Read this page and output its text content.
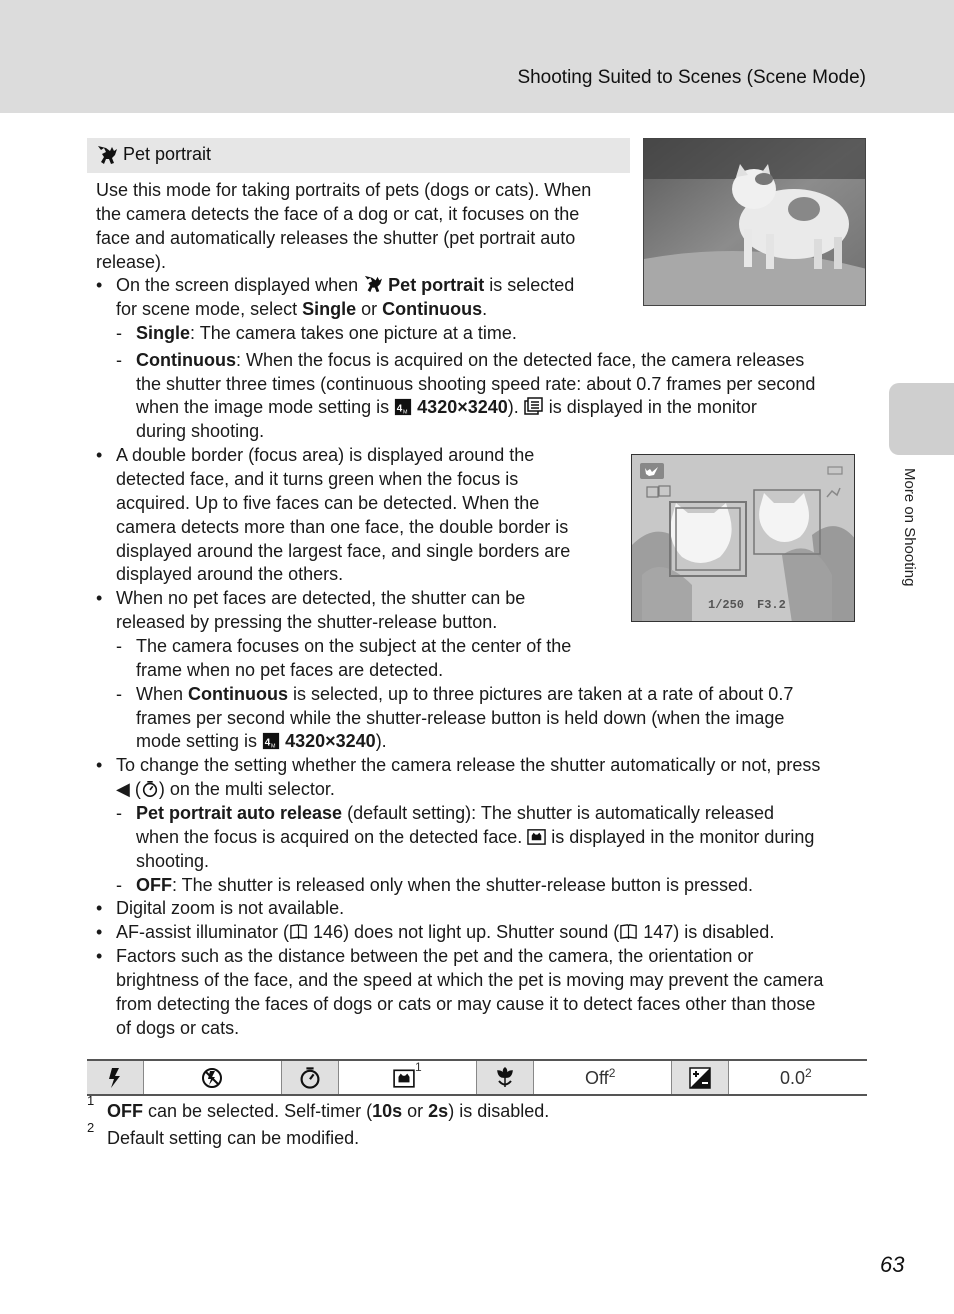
Shooting Suited to Scenes (Scene Mode)
More on Shooting
Pet portrait
Use this mode for taking portraits of pets (dogs or cats). When
the camera detects the face of a dog or cat, it focuses on the
face and automatically releases the shutter (pet portrait auto
release).
• On the screen displayed when  Pet portrait is selected
for scene mode, select Single or Continuous.
- Single: The camera takes one picture at a time.
- Continuous: When the focus is acquired on the detected face, the camera releases
the shutter three times (continuous shooting speed rate: about 0.7 frames per second
when the image mode setting is  4320×3240).  is displayed in the monitor
during shooting.
• A double border (focus area) is displayed around the
detected face, and it turns green when the focus is
acquired. Up to five faces can be detected. When the
camera detects more than one face, the double border is
displayed around the largest face, and single borders are
displayed around the others.
1/250 F3.2
• When no pet faces are detected, the shutter can be
released by pressing the shutter-release button.
- The camera focuses on the subject at the center of the
frame when no pet faces are detected.
- When Continuous is selected, up to three pictures are taken at a rate of about 0.7
frames per second while the shutter-release button is held down (when the image
mode setting is  4320×3240).
• To change the setting whether the camera release the shutter automatically or not, press
◀ ( ) on the multi selector.
- Pet portrait auto release (default setting): The shutter is automatically released
when the focus is acquired on the detected face.  is displayed in the monitor during
shooting.
- OFF: The shutter is released only when the shutter-release button is pressed.
• Digital zoom is not available.
• AF-assist illuminator ( 146) does not light up. Shutter sound ( 147) is disabled.
• Factors such as the distance between the pet and the camera, the orientation or
brightness of the face, and the speed at which the pet is moving may prevent the camera
from detecting the faces of dogs or cats or may cause it to detect faces other than those
of dogs or cats.
$^1$
Off$^2$	$0.0^2$
1
OFF can be selected. Self-timer (10s or 2s) is disabled.
2
Default setting can be modified.
63
